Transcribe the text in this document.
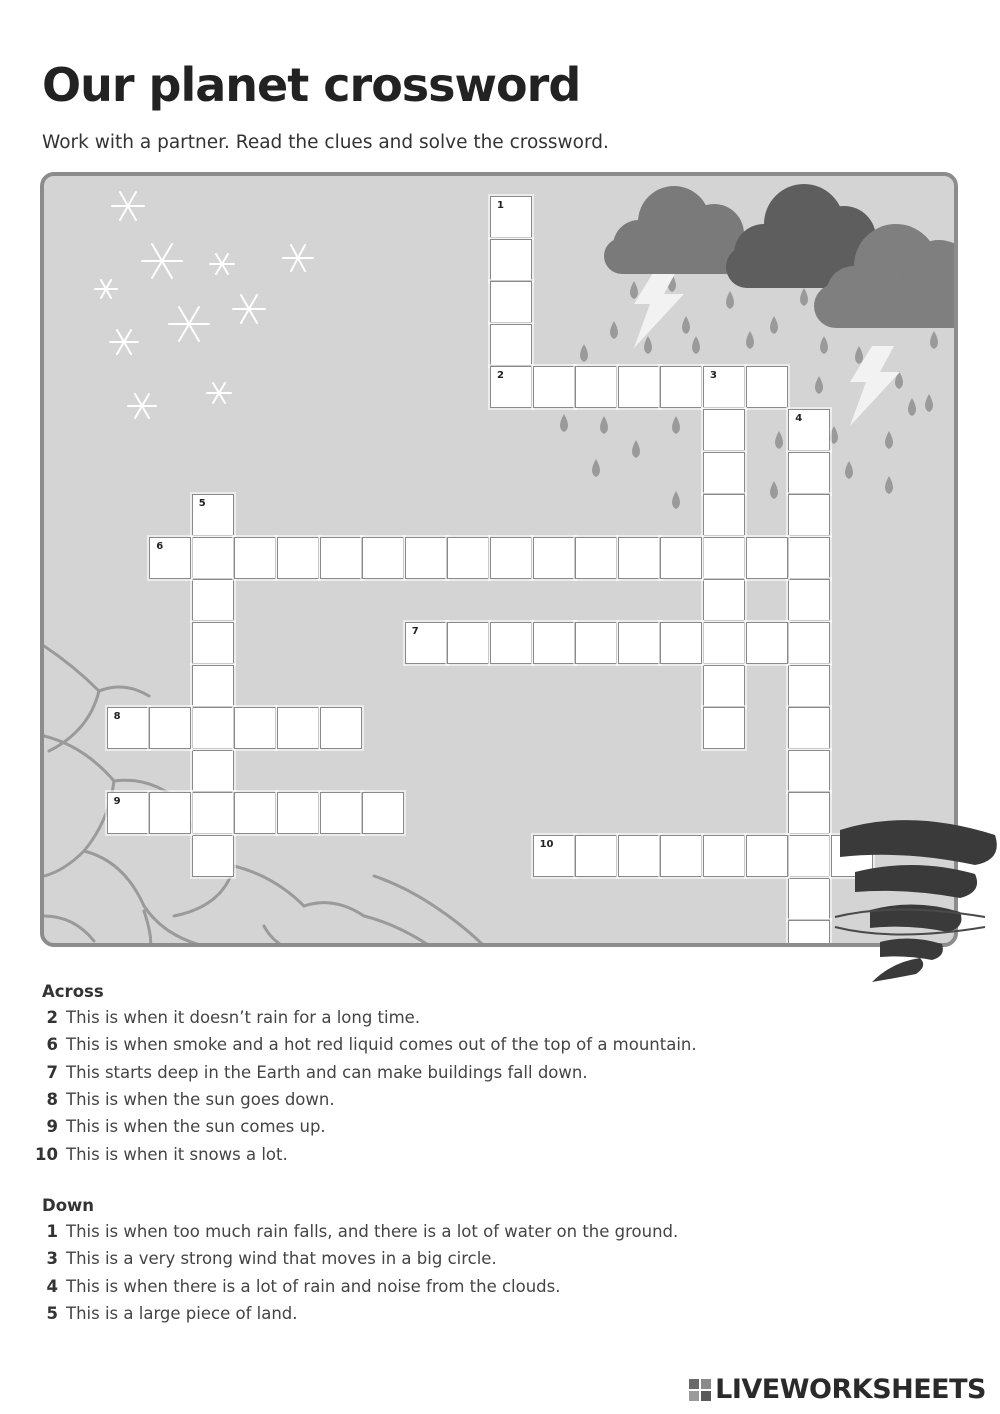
Our planet crossword
Work with a partner. Read the clues and solve the crossword.
1
2	3
4
5
6
7
8
9
10
Across
2 This is when it doesn’t rain for a long time.
6 This is when smoke and a hot red liquid comes out of the top of a mountain.
7 This starts deep in the Earth and can make buildings fall down.
8 This is when the sun goes down.
9 This is when the sun comes up.
10 This is when it snows a lot.
Down
1 This is when too much rain falls, and there is a lot of water on the ground.
3 This is a very strong wind that moves in a big circle.
4 This is when there is a lot of rain and noise from the clouds.
5 This is a large piece of land.
LIVEWORKSHEETS
